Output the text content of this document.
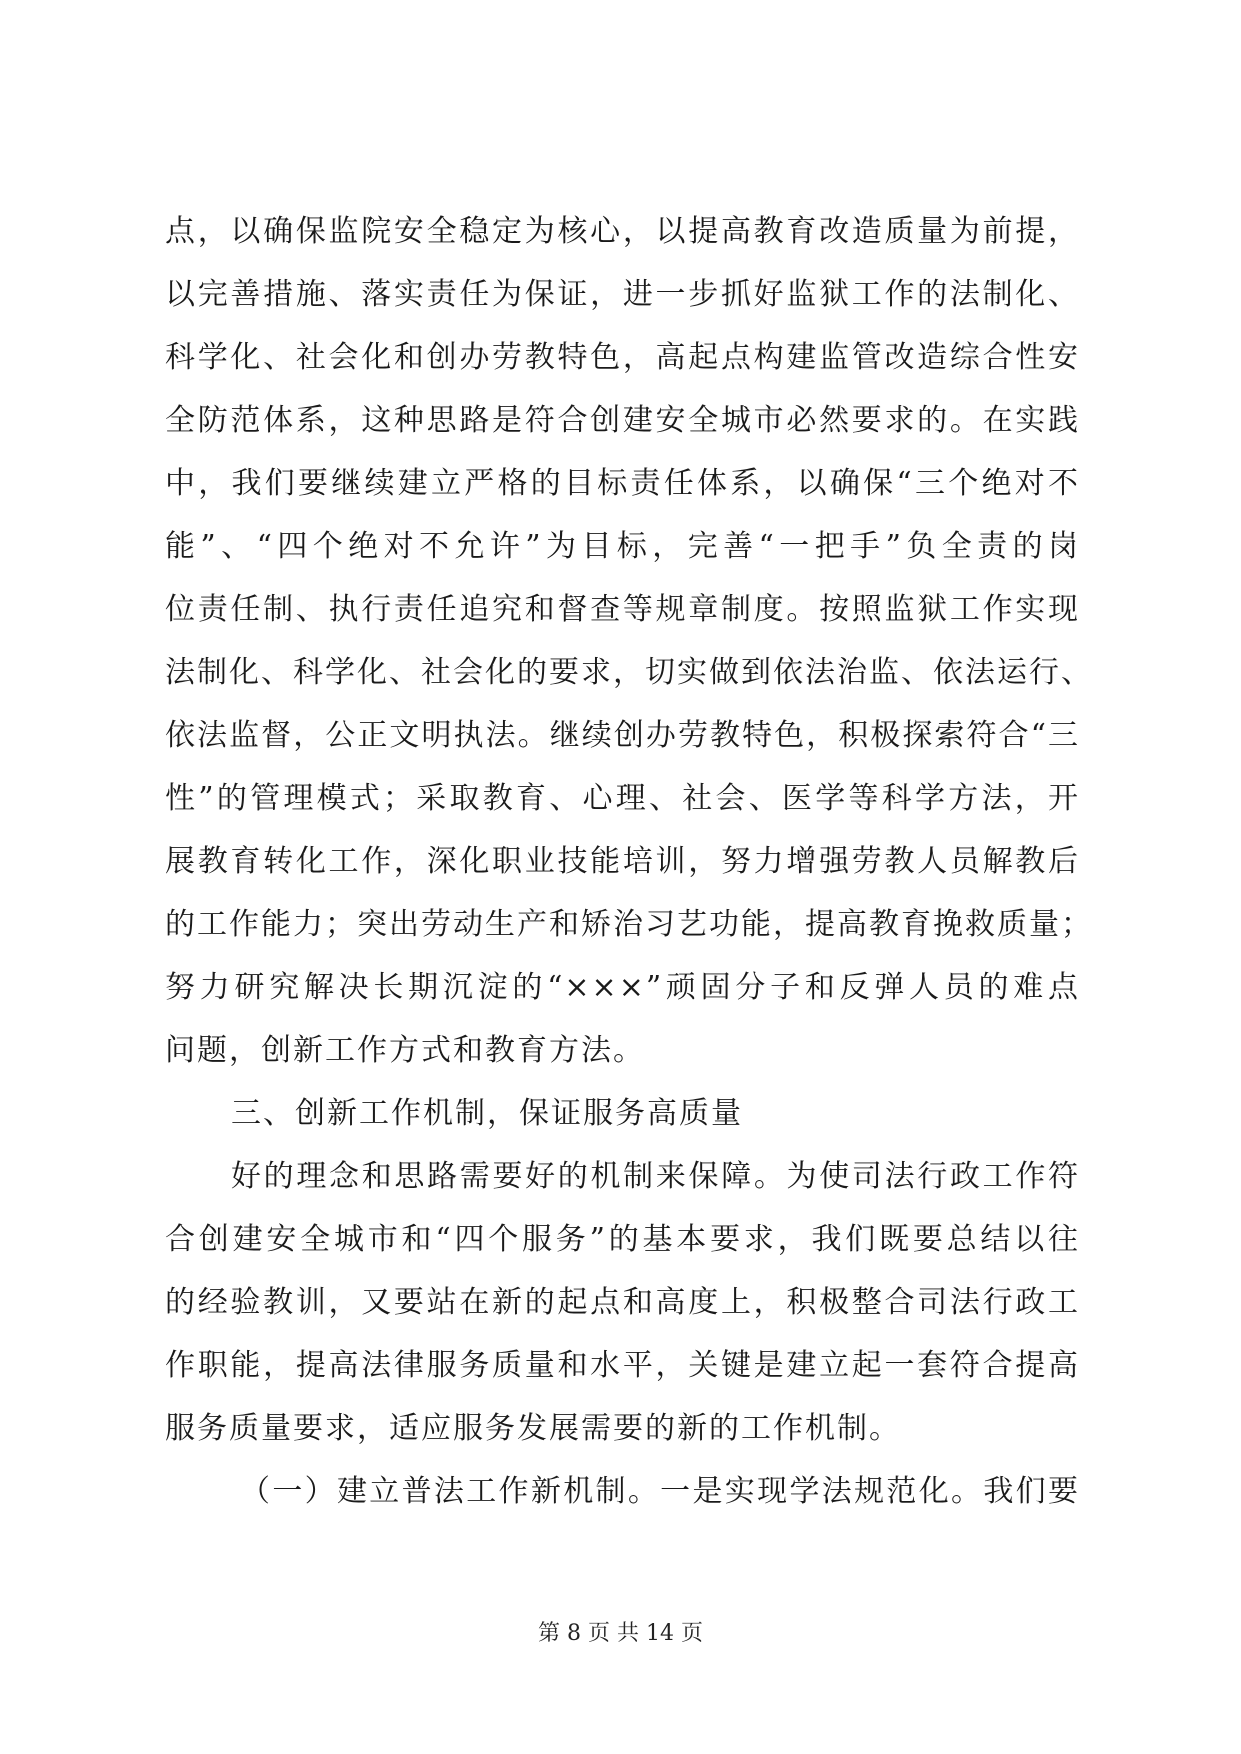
点，以确保监院安全稳定为核心，以提高教育改造质量为前提，
以完善措施、落实责任为保证，进一步抓好监狱工作的法制化、
科学化、社会化和创办劳教特色，高起点构建监管改造综合性安
全防范体系，这种思路是符合创建安全城市必然要求的。在实践
中，我们要继续建立严格的目标责任体系，以确保“三个绝对不
能”、“四个绝对不允许”为目标，完善“一把手”负全责的岗
位责任制、执行责任追究和督查等规章制度。按照监狱工作实现
法制化、科学化、社会化的要求，切实做到依法治监、依法运行、
依法监督，公正文明执法。继续创办劳教特色，积极探索符合“三
性”的管理模式；采取教育、心理、社会、医学等科学方法，开
展教育转化工作，深化职业技能培训，努力增强劳教人员解教后
的工作能力；突出劳动生产和矫治习艺功能，提高教育挽救质量；
努力研究解决长期沉淀的“×××”顽固分子和反弹人员的难点
问题，创新工作方式和教育方法。
三、创新工作机制，保证服务高质量
好的理念和思路需要好的机制来保障。为使司法行政工作符
合创建安全城市和“四个服务”的基本要求，我们既要总结以往
的经验教训，又要站在新的起点和高度上，积极整合司法行政工
作职能，提高法律服务质量和水平，关键是建立起一套符合提高
服务质量要求，适应服务发展需要的新的工作机制。
（一）建立普法工作新机制。一是实现学法规范化。我们要
第 8 页 共 14 页
